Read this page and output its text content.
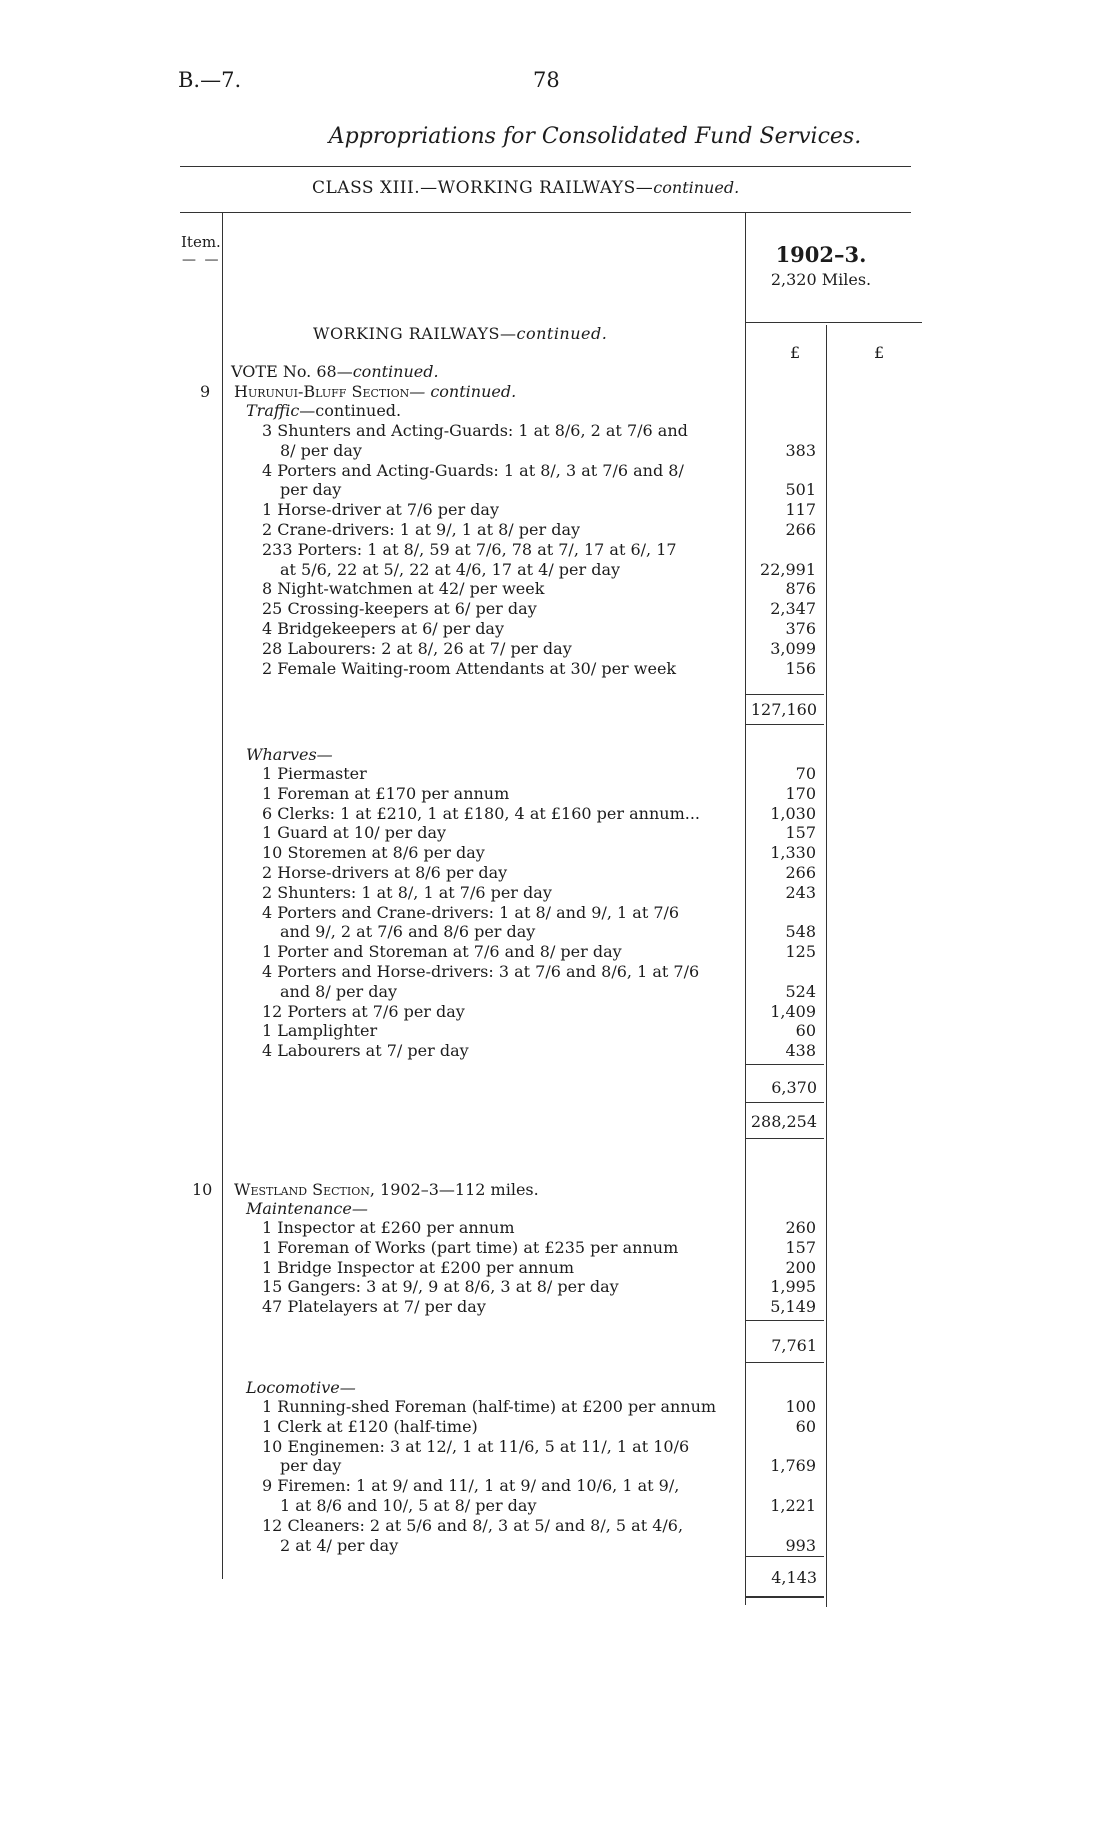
B.—7.	78
Appropriations for Consolidated Fund Services.
CLASS XIII.—WORKING RAILWAYS—continued.
Item.
— —	1902–3.
2,320 Miles.
£	£
WORKING RAILWAYS—continued.
VOTE No. 68—continued.
9 Hurunui-Bluff Section— continued.
Traffic—continued.
3 Shunters and Acting-Guards: 1 at 8/6, 2 at 7/6 and
8/ per day	383
4 Porters and Acting-Guards: 1 at 8/, 3 at 7/6 and 8/
per day	501
1 Horse-driver at 7/6 per day	117
2 Crane-drivers: 1 at 9/, 1 at 8/ per day	266
233 Porters: 1 at 8/, 59 at 7/6, 78 at 7/, 17 at 6/, 17
at 5/6, 22 at 5/, 22 at 4/6, 17 at 4/ per day	22,991
8 Night-watchmen at 42/ per week	876
25 Crossing-keepers at 6/ per day	2,347
4 Bridgekeepers at 6/ per day	376
28 Labourers: 2 at 8/, 26 at 7/ per day	3,099
2 Female Waiting-room Attendants at 30/ per week	156
127,160
Wharves—
1 Piermaster	70
1 Foreman at £170 per annum	170
6 Clerks: 1 at £210, 1 at £180, 4 at £160 per annum...	1,030
1 Guard at 10/ per day	157
10 Storemen at 8/6 per day	1,330
2 Horse-drivers at 8/6 per day	266
2 Shunters: 1 at 8/, 1 at 7/6 per day	243
4 Porters and Crane-drivers: 1 at 8/ and 9/, 1 at 7/6
and 9/, 2 at 7/6 and 8/6 per day	548
1 Porter and Storeman at 7/6 and 8/ per day	125
4 Porters and Horse-drivers: 3 at 7/6 and 8/6, 1 at 7/6
and 8/ per day	524
12 Porters at 7/6 per day	1,409
1 Lamplighter	60
4 Labourers at 7/ per day	438
6,370
288,254
10 Westland Section, 1902–3—112 miles.
Maintenance—
1 Inspector at £260 per annum	260
1 Foreman of Works (part time) at £235 per annum	157
1 Bridge Inspector at £200 per annum	200
15 Gangers: 3 at 9/, 9 at 8/6, 3 at 8/ per day	1,995
47 Platelayers at 7/ per day	5,149
7,761
Locomotive—
1 Running-shed Foreman (half-time) at £200 per annum	100
1 Clerk at £120 (half-time)	60
10 Enginemen: 3 at 12/, 1 at 11/6, 5 at 11/, 1 at 10/6
per day	1,769
9 Firemen: 1 at 9/ and 11/, 1 at 9/ and 10/6, 1 at 9/,
1 at 8/6 and 10/, 5 at 8/ per day	1,221
12 Cleaners: 2 at 5/6 and 8/, 3 at 5/ and 8/, 5 at 4/6,
2 at 4/ per day	993
4,143
